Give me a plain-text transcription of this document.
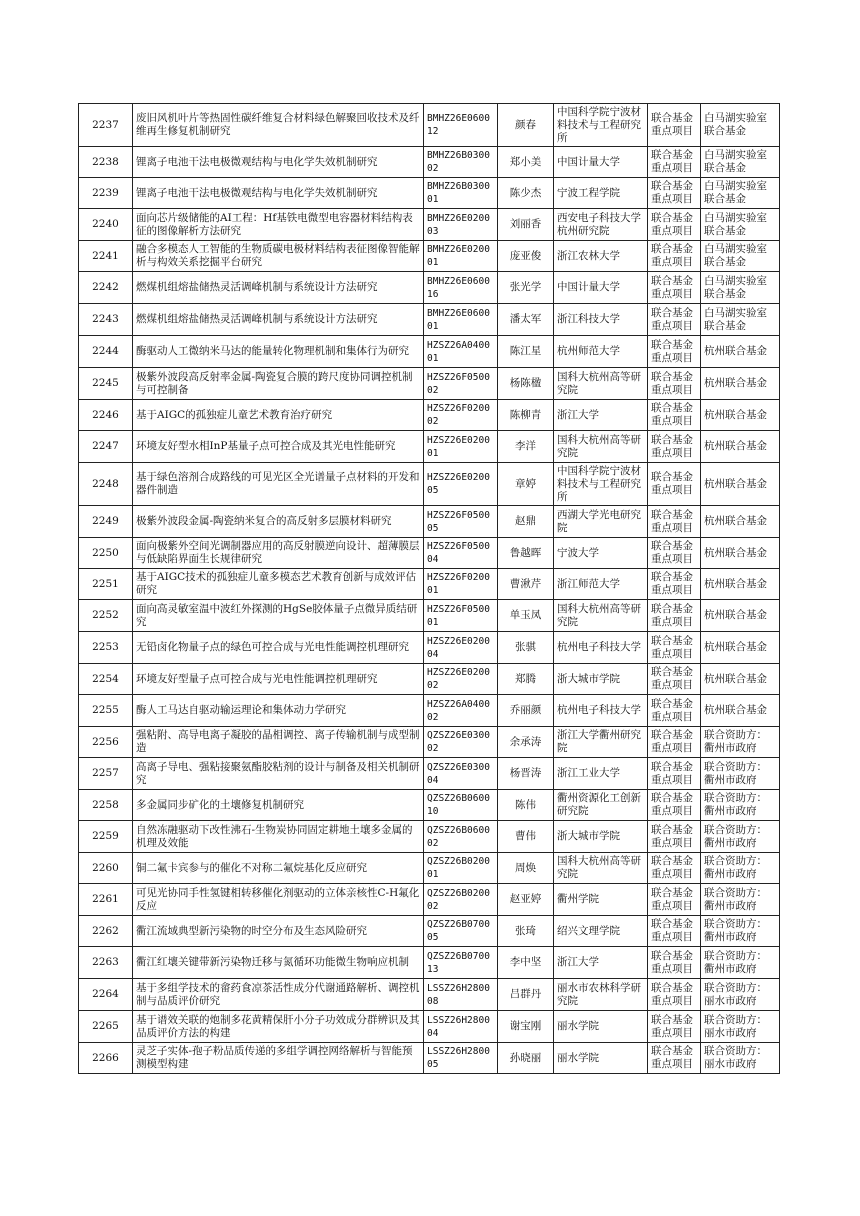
2237	废旧风机叶片等热固性碳纤维复合材料绿色解聚回收技术及纤维再生修复机制研究	BMHZ26E060012	颜春	中国科学院宁波材料技术与工程研究所	联合基金重点项目	白马湖实验室联合基金
2238	锂离子电池干法电极微观结构与电化学失效机制研究	BMHZ26B030002	郑小美	中国计量大学	联合基金重点项目	白马湖实验室联合基金
2239	锂离子电池干法电极微观结构与电化学失效机制研究	BMHZ26B030001	陈少杰	宁波工程学院	联合基金重点项目	白马湖实验室联合基金
2240	面向芯片级储能的AI工程：Hf基铁电微型电容器材料结构表征的图像解析方法研究	BMHZ26E020003	刘丽香	西安电子科技大学杭州研究院	联合基金重点项目	白马湖实验室联合基金
2241	融合多模态人工智能的生物质碳电极材料结构表征图像智能解析与构效关系挖掘平台研究	BMHZ26E020001	庞亚俊	浙江农林大学	联合基金重点项目	白马湖实验室联合基金
2242	燃煤机组熔盐储热灵活调峰机制与系统设计方法研究	BMHZ26E060016	张光学	中国计量大学	联合基金重点项目	白马湖实验室联合基金
2243	燃煤机组熔盐储热灵活调峰机制与系统设计方法研究	BMHZ26E060001	潘太军	浙江科技大学	联合基金重点项目	白马湖实验室联合基金
2244	酶驱动人工微纳米马达的能量转化物理机制和集体行为研究	HZSZ26A040001	陈江星	杭州师范大学	联合基金重点项目	杭州联合基金
2245	极紫外波段高反射率金属-陶瓷复合膜的跨尺度协同调控机制与可控制备	HZSZ26F050002	杨陈楹	国科大杭州高等研究院	联合基金重点项目	杭州联合基金
2246	基于AIGC的孤独症儿童艺术教育治疗研究	HZSZ26F020002	陈柳青	浙江大学	联合基金重点项目	杭州联合基金
2247	环境友好型水相InP基量子点可控合成及其光电性能研究	HZSZ26E020001	李洋	国科大杭州高等研究院	联合基金重点项目	杭州联合基金
2248	基于绿色溶剂合成路线的可见光区全光谱量子点材料的开发和器件制造	HZSZ26E020005	章婷	中国科学院宁波材料技术与工程研究所	联合基金重点项目	杭州联合基金
2249	极紫外波段金属-陶瓷纳米复合的高反射多层膜材料研究	HZSZ26F050005	赵鼎	西湖大学光电研究院	联合基金重点项目	杭州联合基金
2250	面向极紫外空间光调制器应用的高反射膜逆向设计、超薄膜层与低缺陷界面生长规律研究	HZSZ26F050004	鲁越晖	宁波大学	联合基金重点项目	杭州联合基金
2251	基于AIGC技术的孤独症儿童多模态艺术教育创新与成效评估研究	HZSZ26F020001	曹湫芹	浙江师范大学	联合基金重点项目	杭州联合基金
2252	面向高灵敏室温中波红外探测的HgSe胶体量子点微异质结研究	HZSZ26F050001	单玉凤	国科大杭州高等研究院	联合基金重点项目	杭州联合基金
2253	无铅卤化物量子点的绿色可控合成与光电性能调控机理研究	HZSZ26E020004	张骐	杭州电子科技大学	联合基金重点项目	杭州联合基金
2254	环境友好型量子点可控合成与光电性能调控机理研究	HZSZ26E020002	郑腾	浙大城市学院	联合基金重点项目	杭州联合基金
2255	酶人工马达自驱动输运理论和集体动力学研究	HZSZ26A040002	乔丽颜	杭州电子科技大学	联合基金重点项目	杭州联合基金
2256	强粘附、高导电离子凝胶的晶相调控、离子传输机制与成型制造	QZSZ26E030002	余承涛	浙江大学衢州研究院	联合基金重点项目	联合资助方：衢州市政府
2257	高离子导电、强粘接聚氨酯胶粘剂的设计与制备及相关机制研究	QZSZ26E030004	杨晋涛	浙江工业大学	联合基金重点项目	联合资助方：衢州市政府
2258	多金属同步矿化的土壤修复机制研究	QZSZ26B060010	陈伟	衢州资源化工创新研究院	联合基金重点项目	联合资助方：衢州市政府
2259	自然冻融驱动下改性沸石-生物炭协同固定耕地土壤多金属的机理及效能	QZSZ26B060002	曹伟	浙大城市学院	联合基金重点项目	联合资助方：衢州市政府
2260	铜二氟卡宾参与的催化不对称二氟烷基化反应研究	QZSZ26B020001	周焕	国科大杭州高等研究院	联合基金重点项目	联合资助方：衢州市政府
2261	可见光协同手性氢键相转移催化剂驱动的立体亲核性C-H氟化反应	QZSZ26B020002	赵亚婷	衢州学院	联合基金重点项目	联合资助方：衢州市政府
2262	衢江流域典型新污染物的时空分布及生态风险研究	QZSZ26B070005	张琦	绍兴文理学院	联合基金重点项目	联合资助方：衢州市政府
2263	衢江红壤关键带新污染物迁移与氮循环功能微生物响应机制	QZSZ26B070013	李中坚	浙江大学	联合基金重点项目	联合资助方：衢州市政府
2264	基于多组学技术的畲药食凉茶活性成分代谢通路解析、调控机制与品质评价研究	LSSZ26H280008	吕群丹	丽水市农林科学研究院	联合基金重点项目	联合资助方：丽水市政府
2265	基于谱效关联的炮制多花黄精保肝小分子功效成分群辨识及其品质评价方法的构建	LSSZ26H280004	谢宝刚	丽水学院	联合基金重点项目	联合资助方：丽水市政府
2266	灵芝子实体-孢子粉品质传递的多组学调控网络解析与智能预测模型构建	LSSZ26H280005	孙晓丽	丽水学院	联合基金重点项目	联合资助方：丽水市政府
